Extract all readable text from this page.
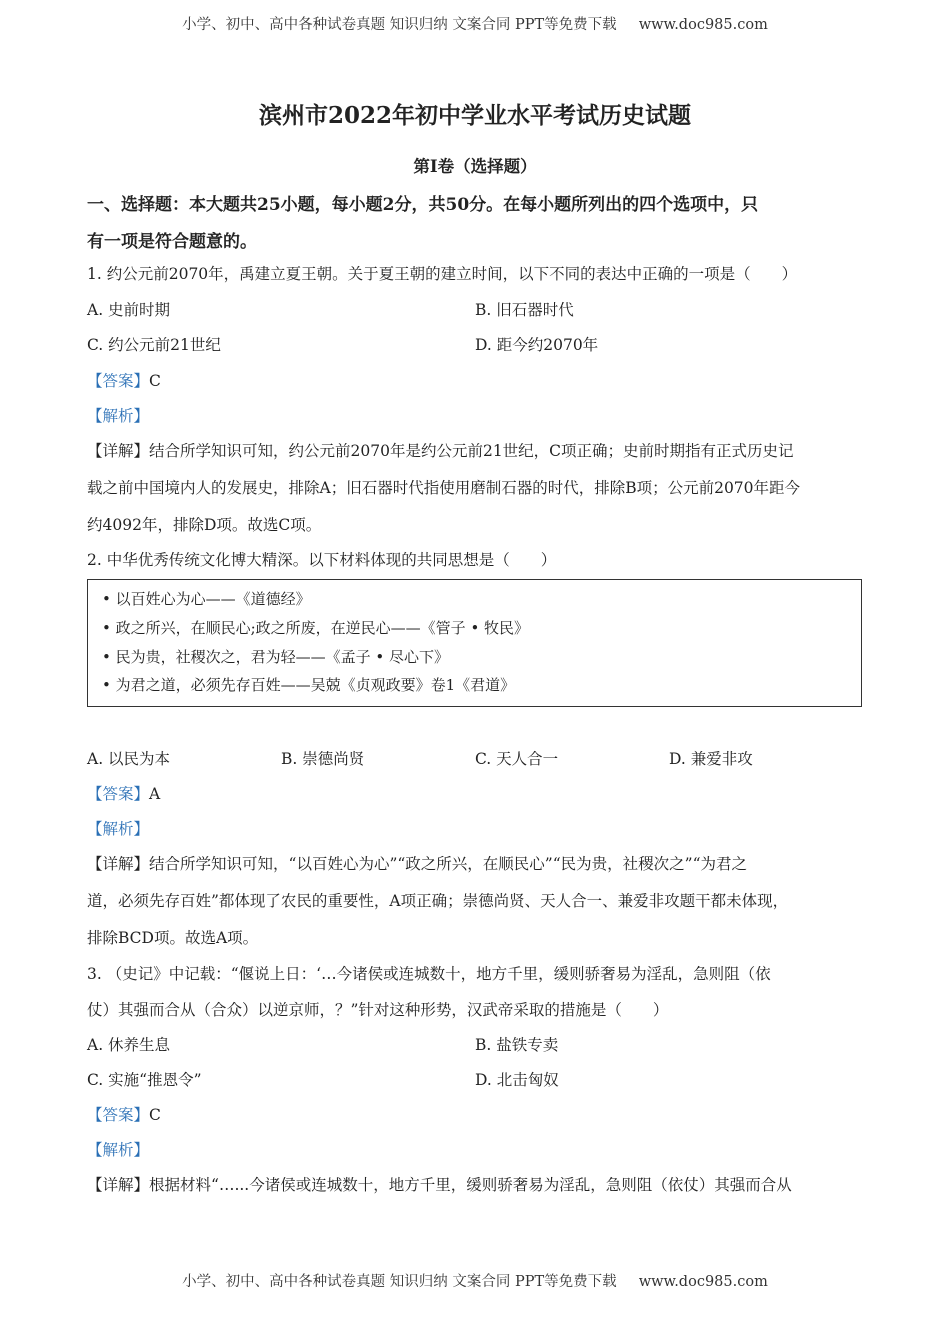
小学、初中、高中各种试卷真题 知识归纳 文案合同 PPT等免费下载 www.doc985.com
滨州市2022年初中学业水平考试历史试题
第I卷（选择题）
一、选择题：本大题共25小题，每小题2分，共50分。在每小题所列出的四个选项中，只
有一项是符合题意的。
1. 约公元前2070年，禹建立夏王朝。关于夏王朝的建立时间，以下不同的表达中正确的一项是（　　）
A. 史前时期	B. 旧石器时代
C. 约公元前21世纪	D. 距今约2070年
【答案】C
【解析】
【详解】结合所学知识可知，约公元前2070年是约公元前21世纪，C项正确；史前时期指有正式历史记
载之前中国境内人的发展史，排除A；旧石器时代指使用磨制石器的时代，排除B项；公元前2070年距今
约4092年，排除D项。故选C项。
2. 中华优秀传统文化博大精深。以下材料体现的共同思想是（　　）
• 以百姓心为心——《道德经》
• 政之所兴，在顺民心;政之所废，在逆民心——《管子 • 牧民》
• 民为贵，社稷次之，君为轻——《孟子 • 尽心下》
• 为君之道，必须先存百姓——吴兢《贞观政要》卷1《君道》
A. 以民为本	B. 崇德尚贤	C. 天人合一	D. 兼爱非攻
【答案】A
【解析】
【详解】结合所学知识可知，“以百姓心为心”“政之所兴，在顺民心”“民为贵，社稷次之”“为君之
道，必须先存百姓”都体现了农民的重要性，A项正确；崇德尚贤、天人合一、兼爱非攻题干都未体现，
排除BCD项。故选A项。
3. （史记》中记载：“偃说上日：‘…今诸侯或连城数十，地方千里，缓则骄奢易为淫乱，急则阻（依
仗）其强而合从（合众）以逆京师，？”针对这种形势，汉武帝采取的措施是（　　）
A. 休养生息	B. 盐铁专卖
C. 实施“推恩令”	D. 北击匈奴
【答案】C
【解析】
【详解】根据材料“…...今诸侯或连城数十，地方千里，缓则骄奢易为淫乱，急则阻（依仗）其强而合从
小学、初中、高中各种试卷真题 知识归纳 文案合同 PPT等免费下载 www.doc985.com
